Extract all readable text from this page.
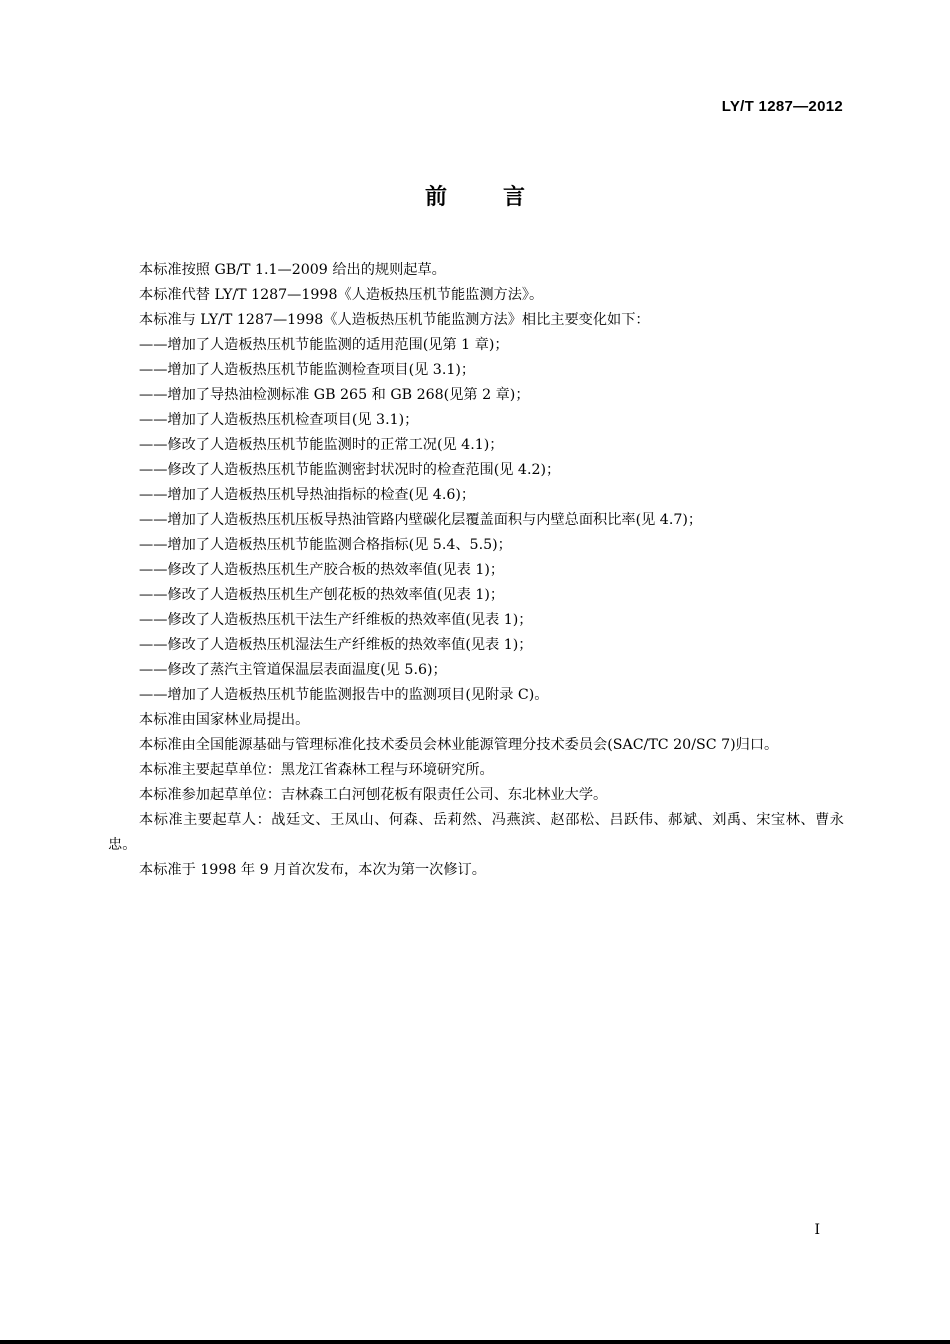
LY/T 1287—2012
前言

本标准按照 GB/T 1.1—2009 给出的规则起草。

本标准代替 LY/T 1287—1998《人造板热压机节能监测方法》。

本标准与 LY/T 1287—1998《人造板热压机节能监测方法》相比主要变化如下：

——增加了人造板热压机节能监测的适用范围(见第 1 章)；

——增加了人造板热压机节能监测检查项目(见 3.1)；

——增加了导热油检测标准 GB 265 和 GB 268(见第 2 章)；

——增加了人造板热压机检查项目(见 3.1)；

——修改了人造板热压机节能监测时的正常工况(见 4.1)；

——修改了人造板热压机节能监测密封状况时的检查范围(见 4.2)；

——增加了人造板热压机导热油指标的检查(见 4.6)；

——增加了人造板热压机压板导热油管路内壁碳化层覆盖面积与内壁总面积比率(见 4.7)；

——增加了人造板热压机节能监测合格指标(见 5.4、5.5)；

——修改了人造板热压机生产胶合板的热效率值(见表 1)；

——修改了人造板热压机生产刨花板的热效率值(见表 1)；

——修改了人造板热压机干法生产纤维板的热效率值(见表 1)；

——修改了人造板热压机湿法生产纤维板的热效率值(见表 1)；

——修改了蒸汽主管道保温层表面温度(见 5.6)；

——增加了人造板热压机节能监测报告中的监测项目(见附录 C)。

本标准由国家林业局提出。

本标准由全国能源基础与管理标准化技术委员会林业能源管理分技术委员会(SAC/TC 20/SC 7)归口。

本标准主要起草单位：黑龙江省森林工程与环境研究所。

本标准参加起草单位：吉林森工白河刨花板有限责任公司、东北林业大学。

本标准主要起草人：战廷文、王凤山、何森、岳莉然、冯燕滨、赵邵松、吕跃伟、郝斌、刘禹、宋宝林、曹永忠。

本标准于 1998 年 9 月首次发布，本次为第一次修订。

I
